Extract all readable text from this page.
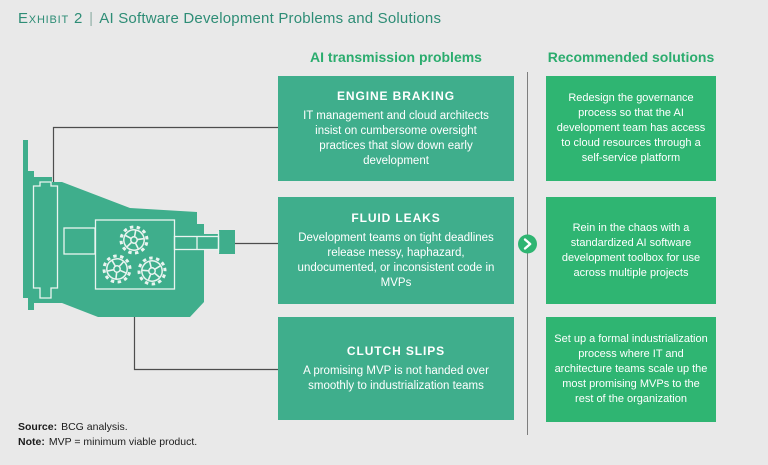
Exhibit 2 | AI Software Development Problems and Solutions
AI transmission problems	Recommended solutions
ENGINE BRAKING

IT management and cloud architects insist on cumbersome oversight practices that slow down early development

FLUID LEAKS

Development teams on tight deadlines release messy, haphazard, undocumented, or inconsistent code in MVPs

CLUTCH SLIPS

A promising MVP is not handed over smoothly to industrialization teams

Redesign the governance process so that the AI development team has access to cloud resources through a self-service platform

Rein in the chaos with a standardized AI software development toolbox for use across multiple projects

Set up a formal industrialization process where IT and architecture teams scale up the most promising MVPs to the rest of the organization

Source: BCG analysis.
Note: MVP = minimum viable product.
